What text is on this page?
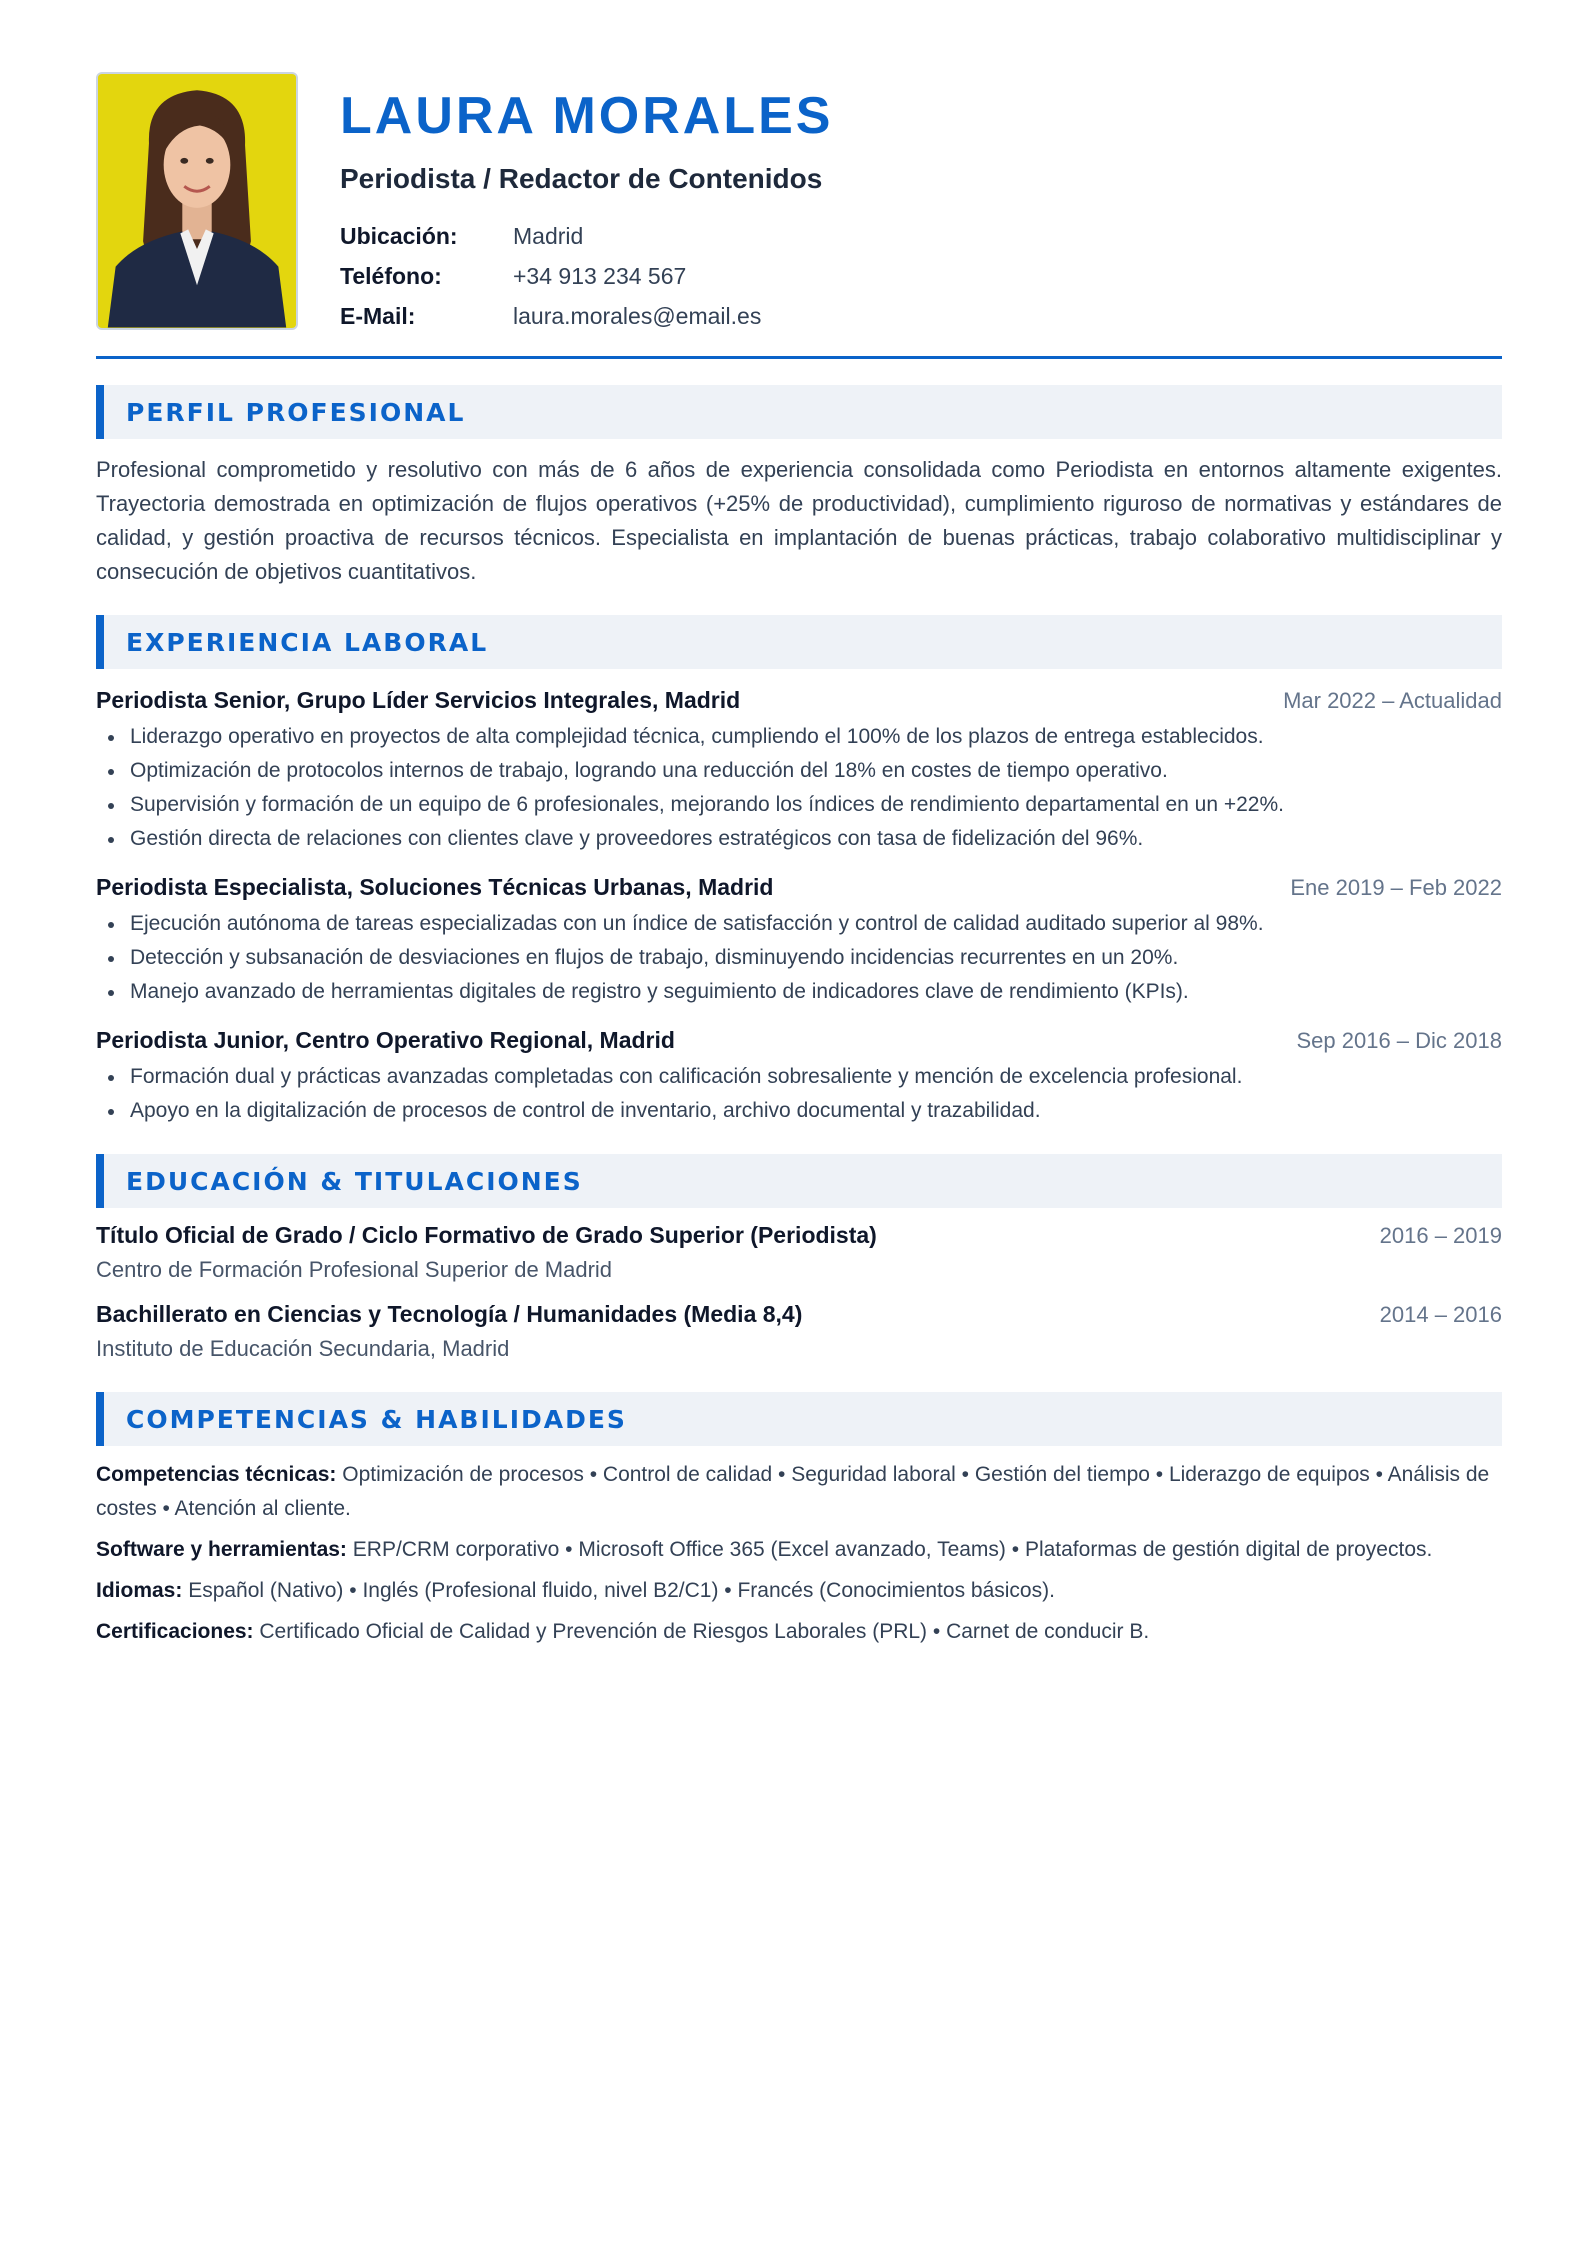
LAURA MORALES
Periodista / Redactor de Contenidos
Ubicación:	Madrid
Teléfono:	+34 913 234 567
E-Mail:	laura.morales@email.es
PERFIL PROFESIONAL

Profesional comprometido y resolutivo con más de 6 años de experiencia consolidada como Periodista en entornos altamente exigentes. Trayectoria demostrada en optimización de flujos operativos (+25% de productividad), cumplimiento riguroso de normativas y estándares de calidad, y gestión proactiva de recursos técnicos. Especialista en implantación de buenas prácticas, trabajo colaborativo multidisciplinar y consecución de objetivos cuantitativos.

EXPERIENCIA LABORAL
Periodista Senior, Grupo Líder Servicios Integrales, Madrid	Mar 2022 – Actualidad
Liderazgo operativo en proyectos de alta complejidad técnica, cumpliendo el 100% de los plazos de entrega establecidos.
Optimización de protocolos internos de trabajo, logrando una reducción del 18% en costes de tiempo operativo.
Supervisión y formación de un equipo de 6 profesionales, mejorando los índices de rendimiento departamental en un +22%.
Gestión directa de relaciones con clientes clave y proveedores estratégicos con tasa de fidelización del 96%.
Periodista Especialista, Soluciones Técnicas Urbanas, Madrid	Ene 2019 – Feb 2022
Ejecución autónoma de tareas especializadas con un índice de satisfacción y control de calidad auditado superior al 98%.
Detección y subsanación de desviaciones en flujos de trabajo, disminuyendo incidencias recurrentes en un 20%.
Manejo avanzado de herramientas digitales de registro y seguimiento de indicadores clave de rendimiento (KPIs).
Periodista Junior, Centro Operativo Regional, Madrid	Sep 2016 – Dic 2018
Formación dual y prácticas avanzadas completadas con calificación sobresaliente y mención de excelencia profesional.
Apoyo en la digitalización de procesos de control de inventario, archivo documental y trazabilidad.
EDUCACIÓN & TITULACIONES
Título Oficial de Grado / Ciclo Formativo de Grado Superior (Periodista)	2016 – 2019
Centro de Formación Profesional Superior de Madrid
Bachillerato en Ciencias y Tecnología / Humanidades (Media 8,4)	2014 – 2016
Instituto de Educación Secundaria, Madrid
COMPETENCIAS & HABILIDADES
Competencias técnicas: Optimización de procesos • Control de calidad • Seguridad laboral • Gestión del tiempo • Liderazgo de equipos • Análisis de costes • Atención al cliente.
Software y herramientas: ERP/CRM corporativo • Microsoft Office 365 (Excel avanzado, Teams) • Plataformas de gestión digital de proyectos.
Idiomas: Español (Nativo) • Inglés (Profesional fluido, nivel B2/C1) • Francés (Conocimientos básicos).
Certificaciones: Certificado Oficial de Calidad y Prevención de Riesgos Laborales (PRL) • Carnet de conducir B.
